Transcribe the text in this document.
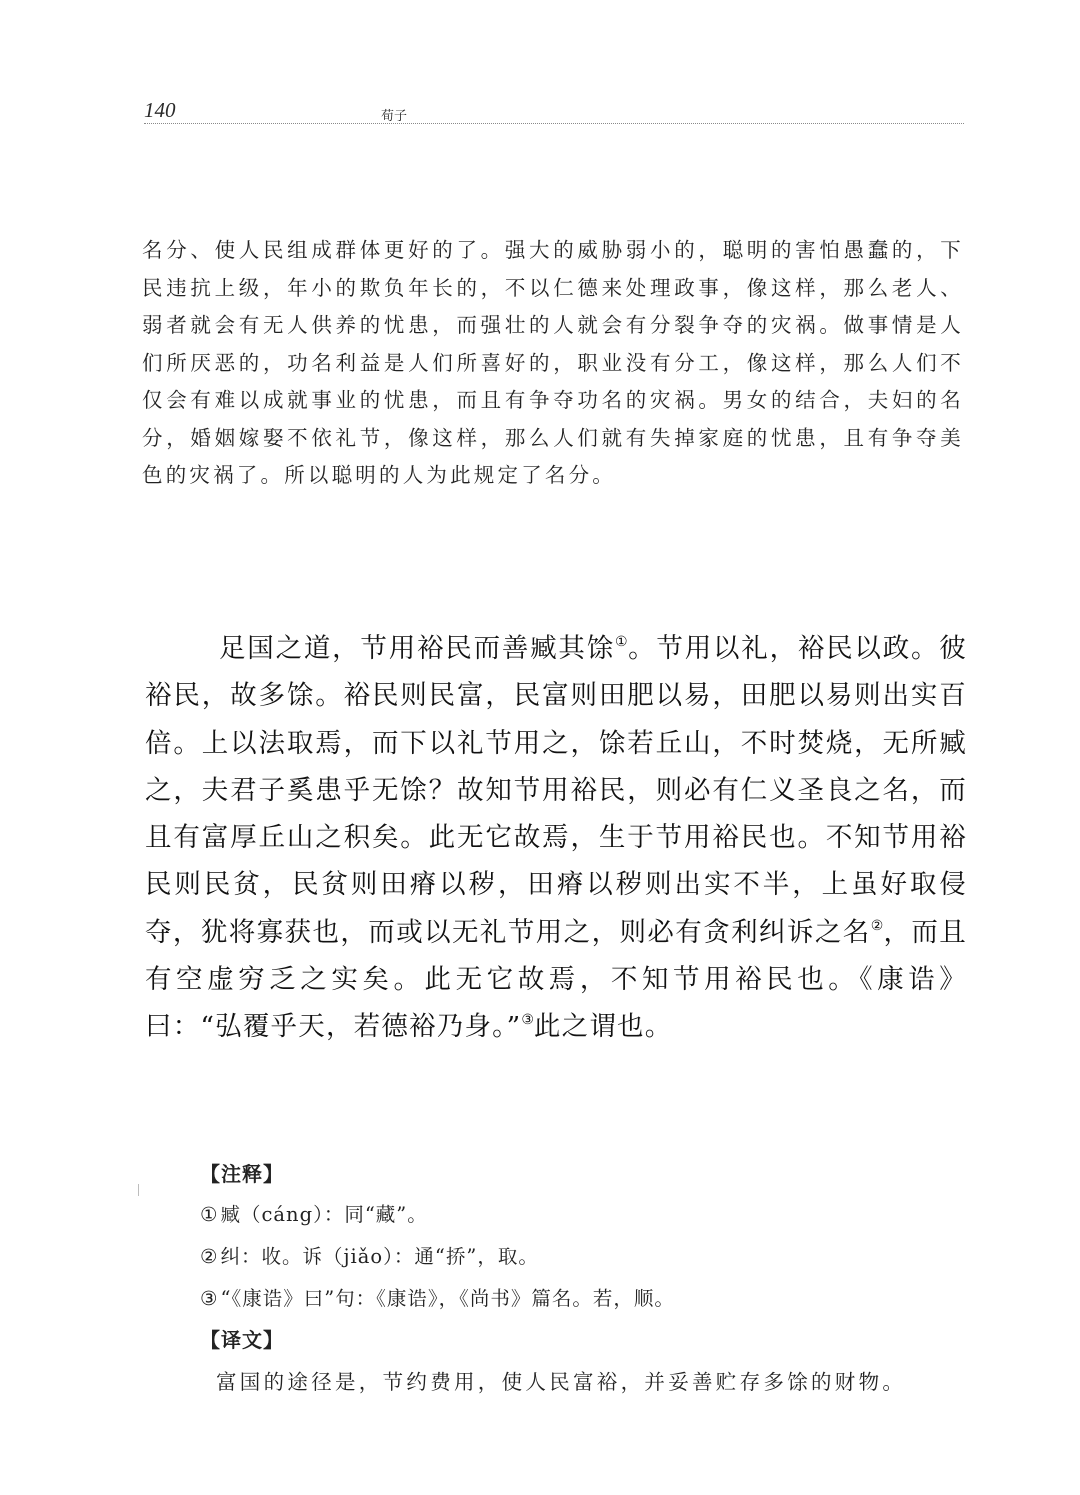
140	荀子
名分、使人民组成群体更好的了。强大的威胁弱小的，聪明的害怕愚蠢的，下民违抗上级，年小的欺负年长的，不以仁德来处理政事，像这样，那么老人、弱者就会有无人供养的忧患，而强壮的人就会有分裂争夺的灾祸。做事情是人们所厌恶的，功名利益是人们所喜好的，职业没有分工，像这样，那么人们不仅会有难以成就事业的忧患，而且有争夺功名的灾祸。男女的结合，夫妇的名分，婚姻嫁娶不依礼节，像这样，那么人们就有失掉家庭的忧患，且有争夺美色的灾祸了。所以聪明的人为此规定了名分。

足国之道，节用裕民而善臧其馀①。节用以礼，裕民以政。彼裕民，故多馀。裕民则民富，民富则田肥以易，田肥以易则出实百倍。上以法取焉，而下以礼节用之，馀若丘山，不时焚烧，无所臧之，夫君子奚患乎无馀？故知节用裕民，则必有仁义圣良之名，而且有富厚丘山之积矣。此无它故焉，生于节用裕民也。不知节用裕民则民贫，民贫则田瘠以秽，田瘠以秽则出实不半，上虽好取侵夺，犹将寡获也，而或以无礼节用之，则必有贪利纠诉之名②，而且有空虚穷乏之实矣。此无它故焉，不知节用裕民也。《康诰》曰：“弘覆乎天，若德裕乃身。”③此之谓也。

【注释】
① 臧（cáng）：同“藏”。
② 纠：收。诉（jiǎo）：通“挢”，取。
③ “《康诰》曰”句：《康诰》，《尚书》篇名。若，顺。
【译文】
富国的途径是，节约费用，使人民富裕，并妥善贮存多馀的财物。
